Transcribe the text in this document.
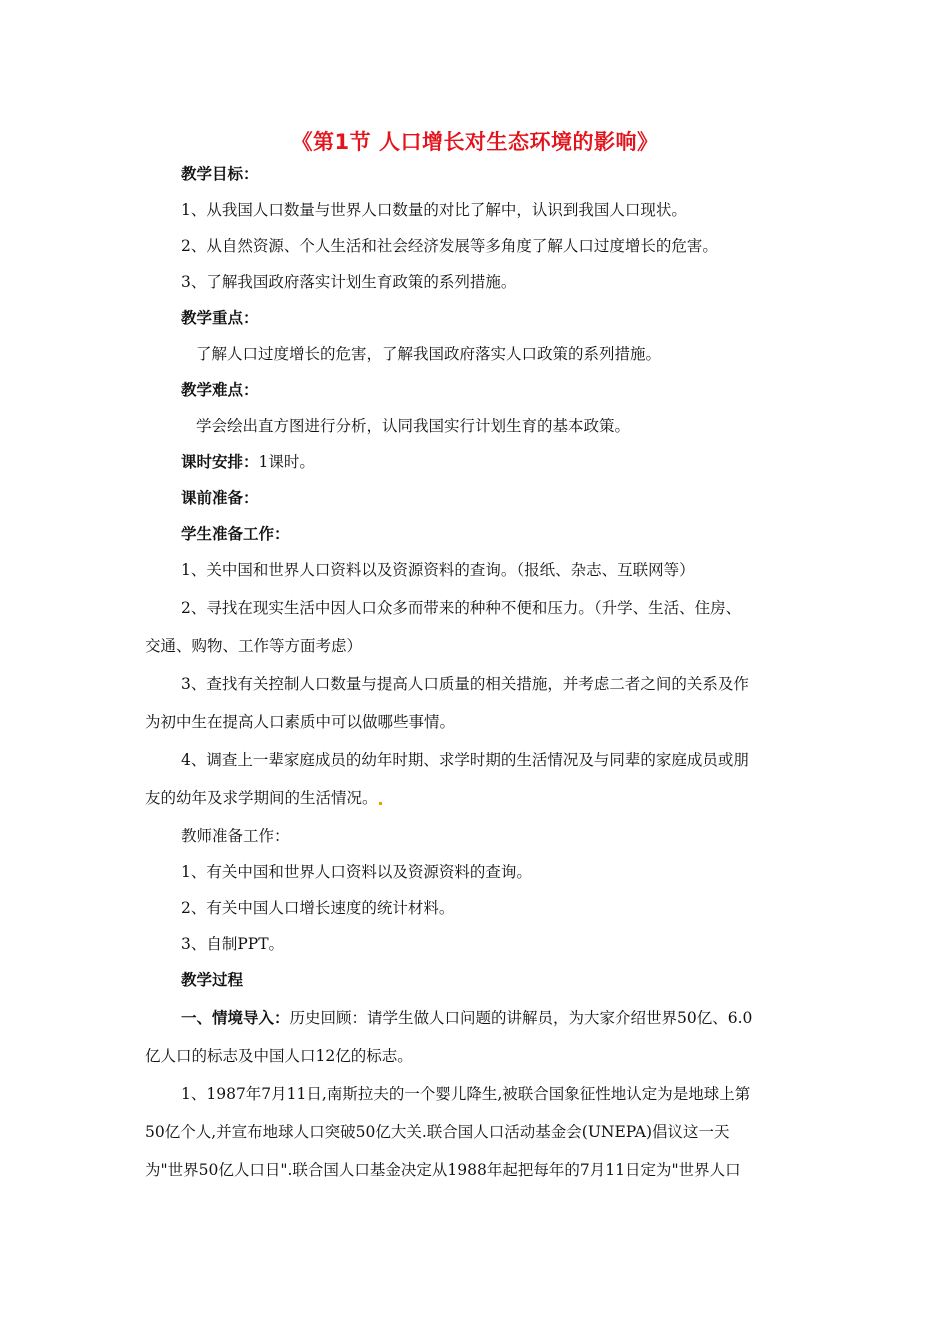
《第1节 人口增长对生态环境的影响》
教学目标：
1、从我国人口数量与世界人口数量的对比了解中，认识到我国人口现状。
2、从自然资源、个人生活和社会经济发展等多角度了解人口过度增长的危害。
3、了解我国政府落实计划生育政策的系列措施。
教学重点：
了解人口过度增长的危害，了解我国政府落实人口政策的系列措施。
教学难点：
学会绘出直方图进行分析，认同我国实行计划生育的基本政策。
课时安排：1课时。
课前准备：
学生准备工作：
1、关中国和世界人口资料以及资源资料的查询。（报纸、杂志、互联网等）
2、寻找在现实生活中因人口众多而带来的种种不便和压力。（升学、生活、住房、
交通、购物、工作等方面考虑）
3、查找有关控制人口数量与提高人口质量的相关措施，并考虑二者之间的关系及作
为初中生在提高人口素质中可以做哪些事情。
4、调查上一辈家庭成员的幼年时期、求学时期的生活情况及与同辈的家庭成员或朋
友的幼年及求学期间的生活情况。
教师准备工作：
1、有关中国和世界人口资料以及资源资料的查询。
2、有关中国人口增长速度的统计材料。
3、自制PPT。
教学过程
一、情境导入：历史回顾：请学生做人口问题的讲解员，为大家介绍世界50亿、6.0
亿人口的标志及中国人口12亿的标志。
1、1987年7月11日,南斯拉夫的一个婴儿降生,被联合国象征性地认定为是地球上第
50亿个人,并宣布地球人口突破50亿大关.联合国人口活动基金会(UNEPA)倡议这一天
为"世界50亿人口日".联合国人口基金决定从1988年起把每年的7月11日定为"世界人口
